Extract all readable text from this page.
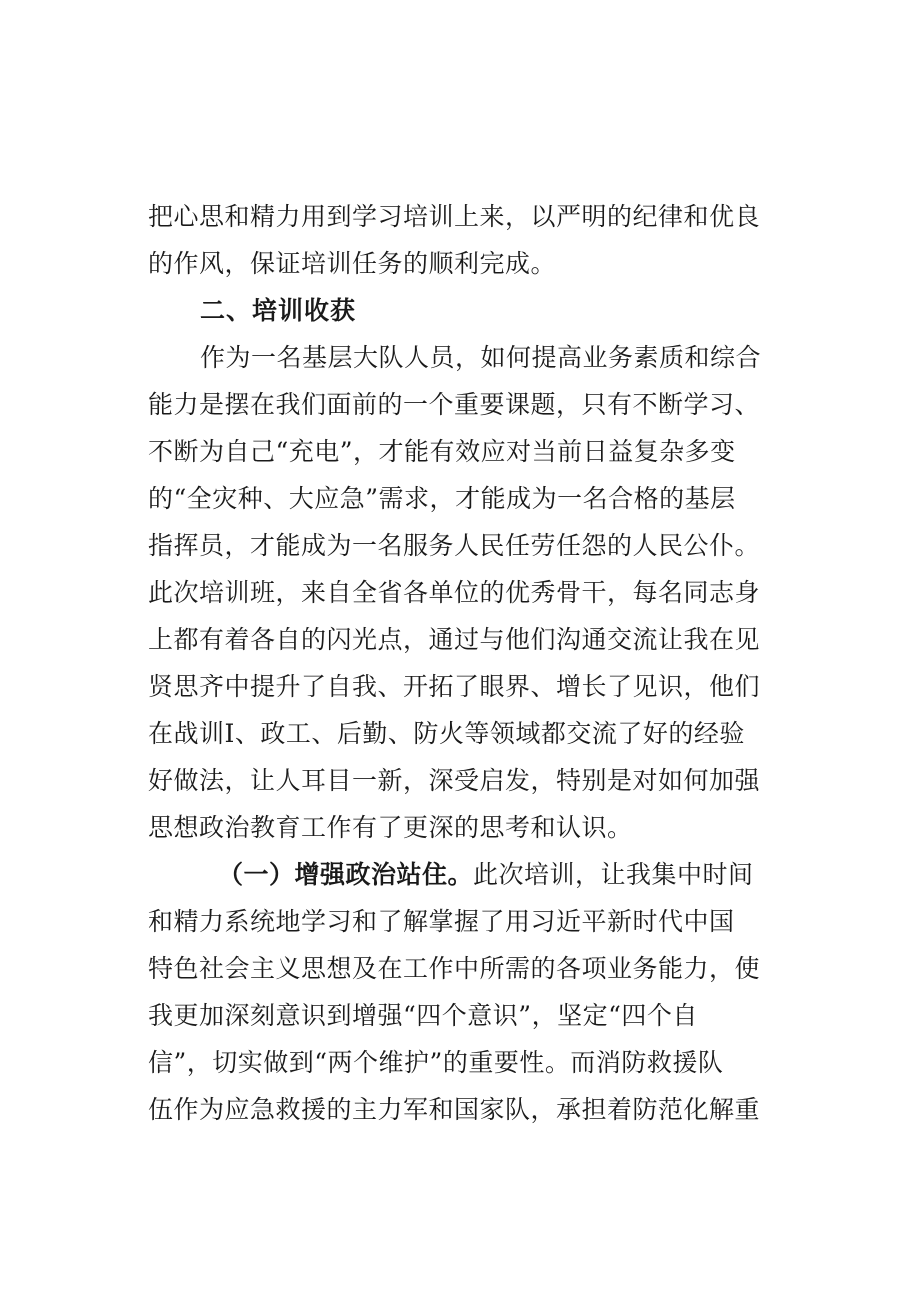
把心思和精力用到学习培训上来，以严明的纪律和优良
的作风，保证培训任务的顺利完成。
二、培训收获
作为一名基层大队人员，如何提高业务素质和综合
能力是摆在我们面前的一个重要课题，只有不断学习、
不断为自己“充电”，才能有效应对当前日益复杂多变
的“全灾种、大应急”需求，才能成为一名合格的基层
指挥员，才能成为一名服务人民任劳任怨的人民公仆。
此次培训班，来自全省各单位的优秀骨干，每名同志身
上都有着各自的闪光点，通过与他们沟通交流让我在见
贤思齐中提升了自我、开拓了眼界、增长了见识，他们
在战训I、政工、后勤、防火等领域都交流了好的经验
好做法，让人耳目一新，深受启发，特别是对如何加强
思想政治教育工作有了更深的思考和认识。
（一）增强政治站住。此次培训，让我集中时间
和精力系统地学习和了解掌握了用习近平新时代中国
特色社会主义思想及在工作中所需的各项业务能力，使
我更加深刻意识到增强“四个意识”，坚定“四个自
信”，切实做到“两个维护”的重要性。而消防救援队
伍作为应急救援的主力军和国家队，承担着防范化解重
